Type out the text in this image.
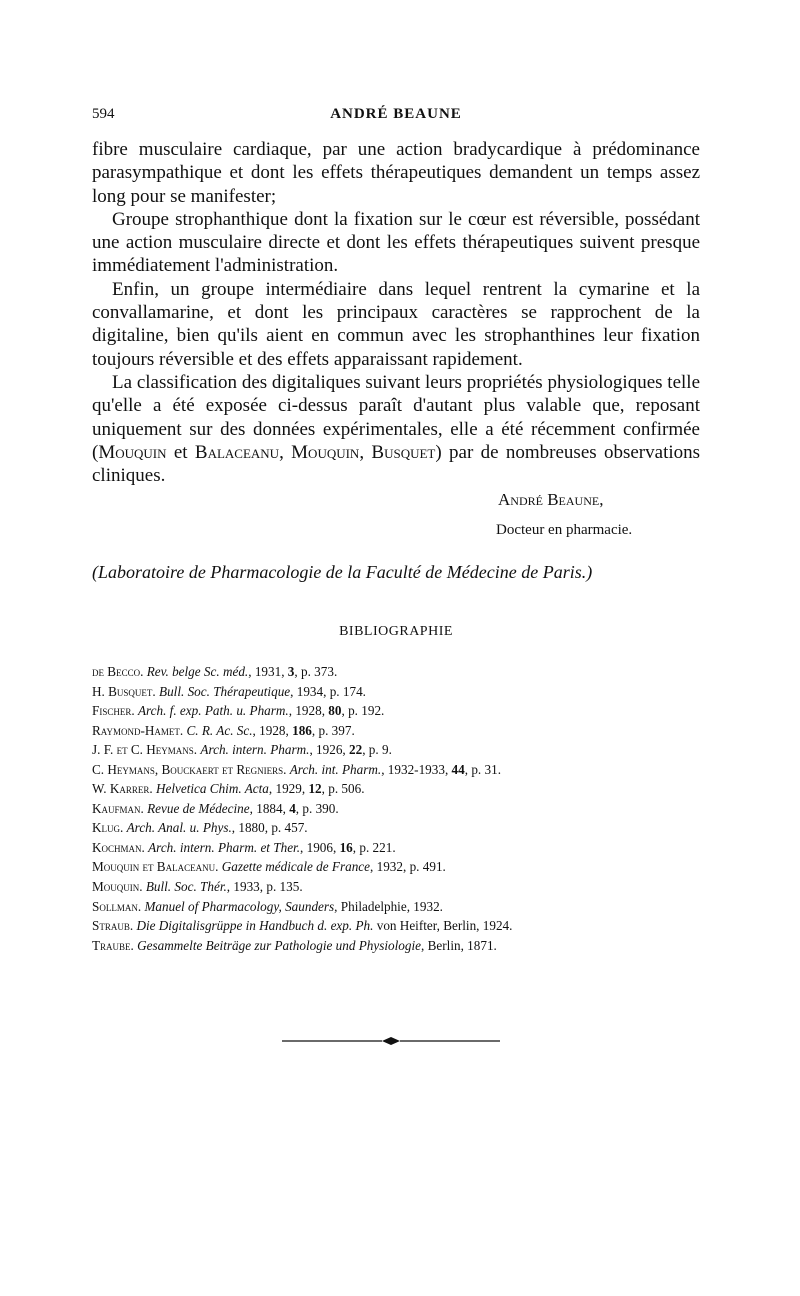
594	ANDRÉ BEAUNE

fibre musculaire cardiaque, par une action bradycardique à prédominance parasympathique et dont les effets thérapeutiques demandent un temps assez long pour se manifester;

Groupe strophanthique dont la fixation sur le cœur est réversible, possédant une action musculaire directe et dont les effets thérapeutiques suivent presque immédiatement l'administration.

Enfin, un groupe intermédiaire dans lequel rentrent la cymarine et la convallamarine, et dont les principaux caractères se rapprochent de la digitaline, bien qu'ils aient en commun avec les strophanthines leur fixation toujours réversible et des effets apparaissant rapidement.

La classification des digitaliques suivant leurs propriétés physiologiques telle qu'elle a été exposée ci-dessus paraît d'autant plus valable que, reposant uniquement sur des données expérimentales, elle a été récemment confirmée (Mouquin et Balaceanu, Mouquin, Busquet) par de nombreuses observations cliniques.

André Beaune,
Docteur en pharmacie.
(Laboratoire de Pharmacologie de la Faculté de Médecine de Paris.)
BIBLIOGRAPHIE
de Becco. Rev. belge Sc. méd., 1931, 3, p. 373.
H. Busquet. Bull. Soc. Thérapeutique, 1934, p. 174.
Fischer. Arch. f. exp. Path. u. Pharm., 1928, 80, p. 192.
Raymond-Hamet. C. R. Ac. Sc., 1928, 186, p. 397.
J. F. et C. Heymans. Arch. intern. Pharm., 1926, 22, p. 9.
C. Heymans, Bouckaert et Regniers. Arch. int. Pharm., 1932-1933, 44, p. 31.
W. Karrer. Helvetica Chim. Acta, 1929, 12, p. 506.
Kaufman. Revue de Médecine, 1884, 4, p. 390.
Klug. Arch. Anal. u. Phys., 1880, p. 457.
Kochman. Arch. intern. Pharm. et Ther., 1906, 16, p. 221.
Mouquin et Balaceanu. Gazette médicale de France, 1932, p. 491.
Mouquin. Bull. Soc. Thér., 1933, p. 135.
Sollman. Manuel of Pharmacology, Saunders, Philadelphie, 1932.
Straub. Die Digitalisgrüppe in Handbuch d. exp. Ph. von Heifter, Berlin, 1924.
Traube. Gesammelte Beiträge zur Pathologie und Physiologie, Berlin, 1871.
